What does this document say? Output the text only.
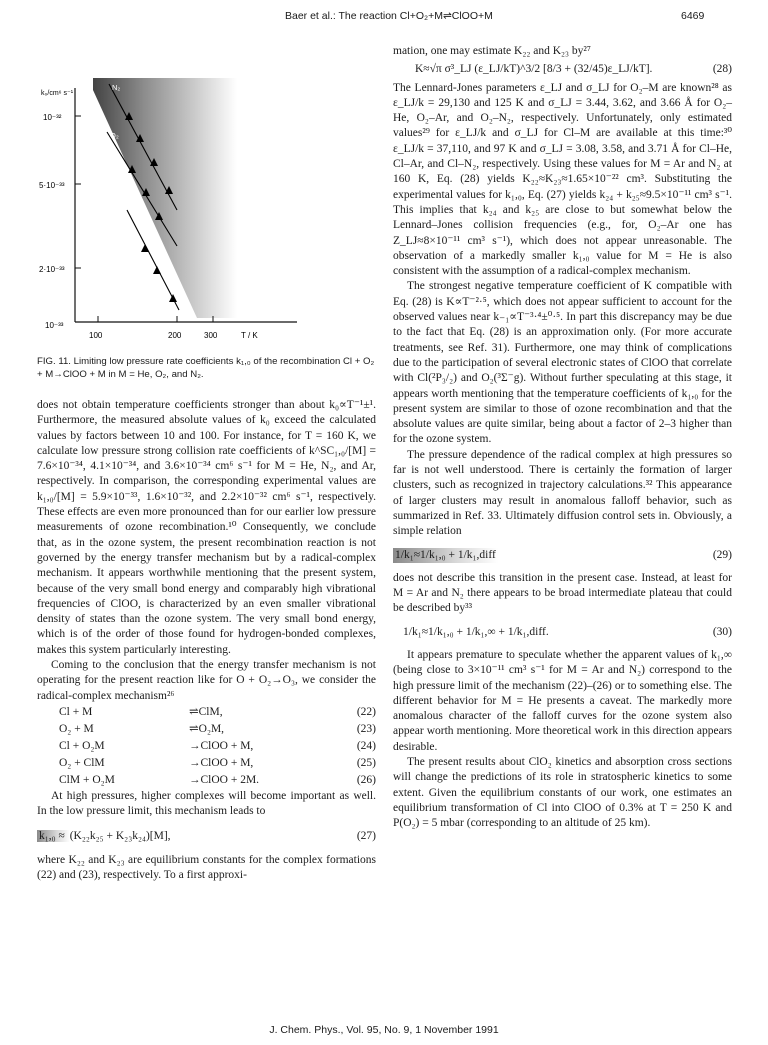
Baer et al.: The reaction Cl+O₂+M⇌ClOO+M	6469
k₀/cm⁶ s⁻¹
10⁻³²
5·10⁻³³
2·10⁻³³
10⁻³³
100	200	300	T / K
N₂
O₂
He
FIG. 11. Limiting low pressure rate coefficients k₁,₀ of the recombination Cl + O₂ + M→ClOO + M in M = He, O₂, and N₂.

does not obtain temperature coefficients stronger than about k₀∝T⁻¹±¹. Furthermore, the measured absolute values of k₀ exceed the calculated values by factors between 10 and 100. For instance, for T = 160 K, we calculate low pressure strong collision rate coefficients of k^SC₁,₀/[M] = 7.6×10⁻³⁴, 4.1×10⁻³⁴, and 3.6×10⁻³⁴ cm⁶ s⁻¹ for M = He, N₂, and Ar, respectively. In comparison, the corresponding experimental values are k₁,₀/[M] = 5.9×10⁻³³, 1.6×10⁻³², and 2.2×10⁻³² cm⁶ s⁻¹, respectively. These effects are even more pronounced than for our earlier low pressure measurements of ozone recombination.¹⁰ Consequently, we conclude that, as in the ozone system, the present recombination reaction is not governed by the energy transfer mechanism but by a radical-complex mechanism. It appears worthwhile mentioning that the present system, because of the very small bond energy and comparably high vibrational frequencies of ClOO, is characterized by an even smaller vibrational density of states than the ozone system. The very small bond energy, which is of the order of those found for hydrogen-bonded complexes, makes this system particularly interesting.

Coming to the conclusion that the energy transfer mechanism is not operating for the present reaction like for O + O₂→O₃, we consider the radical-complex mechanism²⁶

Cl + M	⇌ClM,	(22)
O₂ + M	⇌O₂M,	(23)
Cl + O₂M	→ClOO + M,	(24)
O₂ + ClM	→ClOO + M,	(25)
ClM + O₂M	→ClOO + 2M.	(26)

At high pressures, higher complexes will become important as well. In the low pressure limit, this mechanism leads to

k₁,₀ ≈ (K₂₂k₂₅ + K₂₃k₂₄)[M],	(27)

where K₂₂ and K₂₃ are equilibrium constants for the complex formations (22) and (23), respectively. To a first approxi-

mation, one may estimate K₂₂ and K₂₃ by²⁷

K≈√π σ³_LJ (ε_LJ/kT)^3/2 [8/3 + (32/45)ε_LJ/kT].	(28)

The Lennard-Jones parameters ε_LJ and σ_LJ for O₂–M are known²⁸ as ε_LJ/k = 29,130 and 125 K and σ_LJ = 3.44, 3.62, and 3.66 Å for O₂–He, O₂–Ar, and O₂–N₂, respectively. Unfortunately, only estimated values²⁹ for ε_LJ/k and σ_LJ for Cl–M are available at this time:³⁰ ε_LJ/k = 37,110, and 97 K and σ_LJ = 3.08, 3.58, and 3.71 Å for Cl–He, Cl–Ar, and Cl–N₂, respectively. Using these values for M = Ar and N₂ at 160 K, Eq. (28) yields K₂₂≈K₂₃≈1.65×10⁻²² cm³. Substituting the experimental values for k₁,₀, Eq. (27) yields k₂₄ + k₂₅≈9.5×10⁻¹¹ cm³ s⁻¹. This implies that k₂₄ and k₂₅ are close to but somewhat below the Lennard–Jones collision frequencies (e.g., for, O₂–Ar one has Z_LJ≈8×10⁻¹¹ cm³ s⁻¹), which does not appear unreasonable. The observation of a markedly smaller k₁,₀ value for M = He is also consistent with the assumption of a radical-complex mechanism.

The strongest negative temperature coefficient of K compatible with Eq. (28) is K∝T⁻²·⁵, which does not appear sufficient to account for the observed values near k₋₁∝T⁻³·⁴±⁰·⁵. In part this discrepancy may be due to the fact that Eq. (28) is an approximation only. (For more accurate treatments, see Ref. 31). Furthermore, one may think of complications due to the participation of several electronic states of ClOO that correlate with Cl(²P₃/₂) and O₂(³Σ⁻g). Without further speculating at this stage, it appears worth mentioning that the temperature coefficients of k₁,₀ for the present system are similar to those of ozone recombination and that the absolute values are quite similar, being about a factor of 2–3 higher than for the ozone system.

The pressure dependence of the radical complex at high pressures so far is not well understood. There is certainly the formation of larger clusters, such as recognized in trajectory calculations.³² This appearance of larger clusters may result in anomalous falloff behavior, such as summarized in Ref. 33. Ultimately diffusion control sets in. Obviously, a simple relation

1/k₁≈1/k₁,₀ + 1/k₁,diff	(29)

does not describe this transition in the present case. Instead, at least for M = Ar and N₂ there appears to be broad intermediate plateau that could be described by³³

1/k₁≈1/k₁,₀ + 1/k₁,∞ + 1/k₁,diff.	(30)

It appears premature to speculate whether the apparent values of k₁,∞ (being close to 3×10⁻¹¹ cm³ s⁻¹ for M = Ar and N₂) correspond to the high pressure limit of the mechanism (22)–(26) or to something else. The different behavior for M = He presents a caveat. The markedly more anomalous character of the falloff curves for the ozone system also appear worth mentioning. More theoretical work in this direction appears desirable.

The present results about ClO₂ kinetics and absorption cross sections will change the predictions of its role in stratospheric kinetics to some extent. Given the equilibrium constants of our work, one estimates an equilibrium transformation of Cl into ClOO of 0.3% at T = 250 K and P(O₂) = 5 mbar (corresponding to an altitude of 25 km).

J. Chem. Phys., Vol. 95, No. 9, 1 November 1991
